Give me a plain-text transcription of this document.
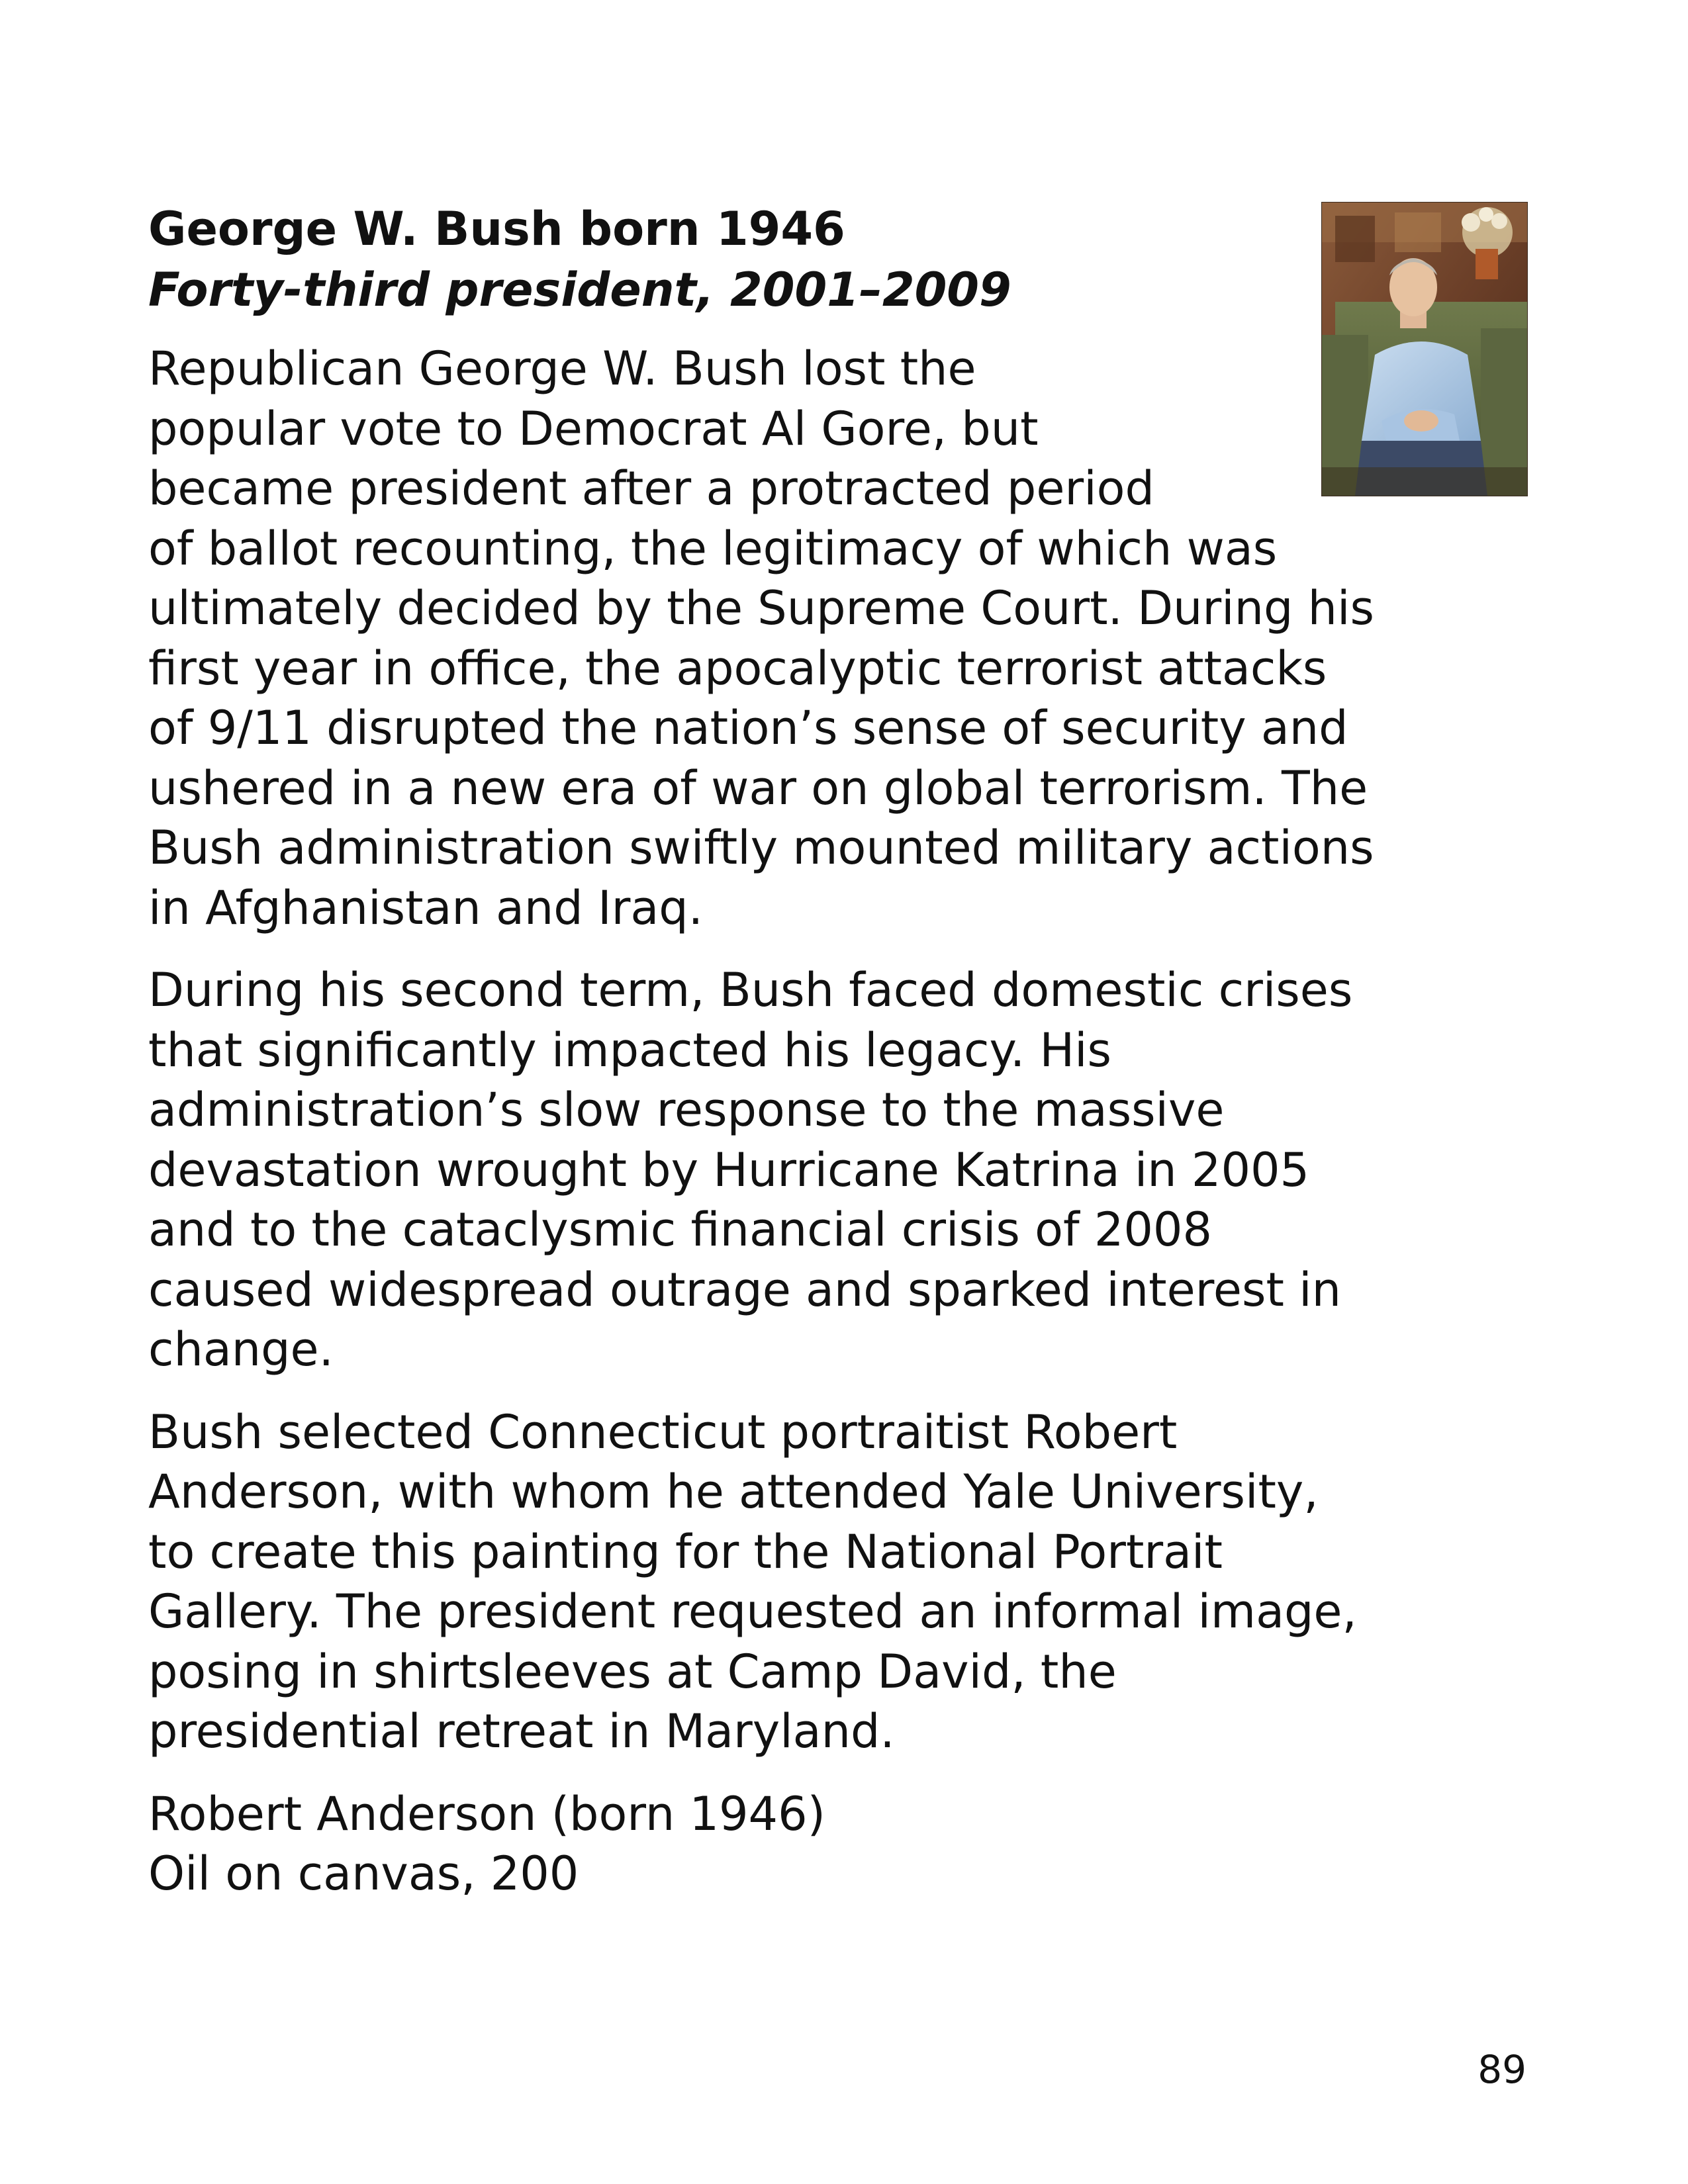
George W. Bush born 1946
Forty-third president, 2001–2009

Republican George W. Bush lost the
popular vote to Democrat Al Gore, but
became president after a protracted period
of ballot recounting, the legitimacy of which was
ultimately decided by the Supreme Court. During his
first year in office, the apocalyptic terrorist attacks
of 9/11 disrupted the nation’s sense of security and
ushered in a new era of war on global terrorism. The
Bush administration swiftly mounted military actions
in Afghanistan and Iraq.

During his second term, Bush faced domestic crises
that significantly impacted his legacy. His
administration’s slow response to the massive
devastation wrought by Hurricane Katrina in 2005
and to the cataclysmic financial crisis of 2008
caused widespread outrage and sparked interest in
change.

Bush selected Connecticut portraitist Robert
Anderson, with whom he attended Yale University,
to create this painting for the National Portrait
Gallery. The president requested an informal image,
posing in shirtsleeves at Camp David, the
presidential retreat in Maryland.

Robert Anderson (born 1946)
Oil on canvas, 200

89
